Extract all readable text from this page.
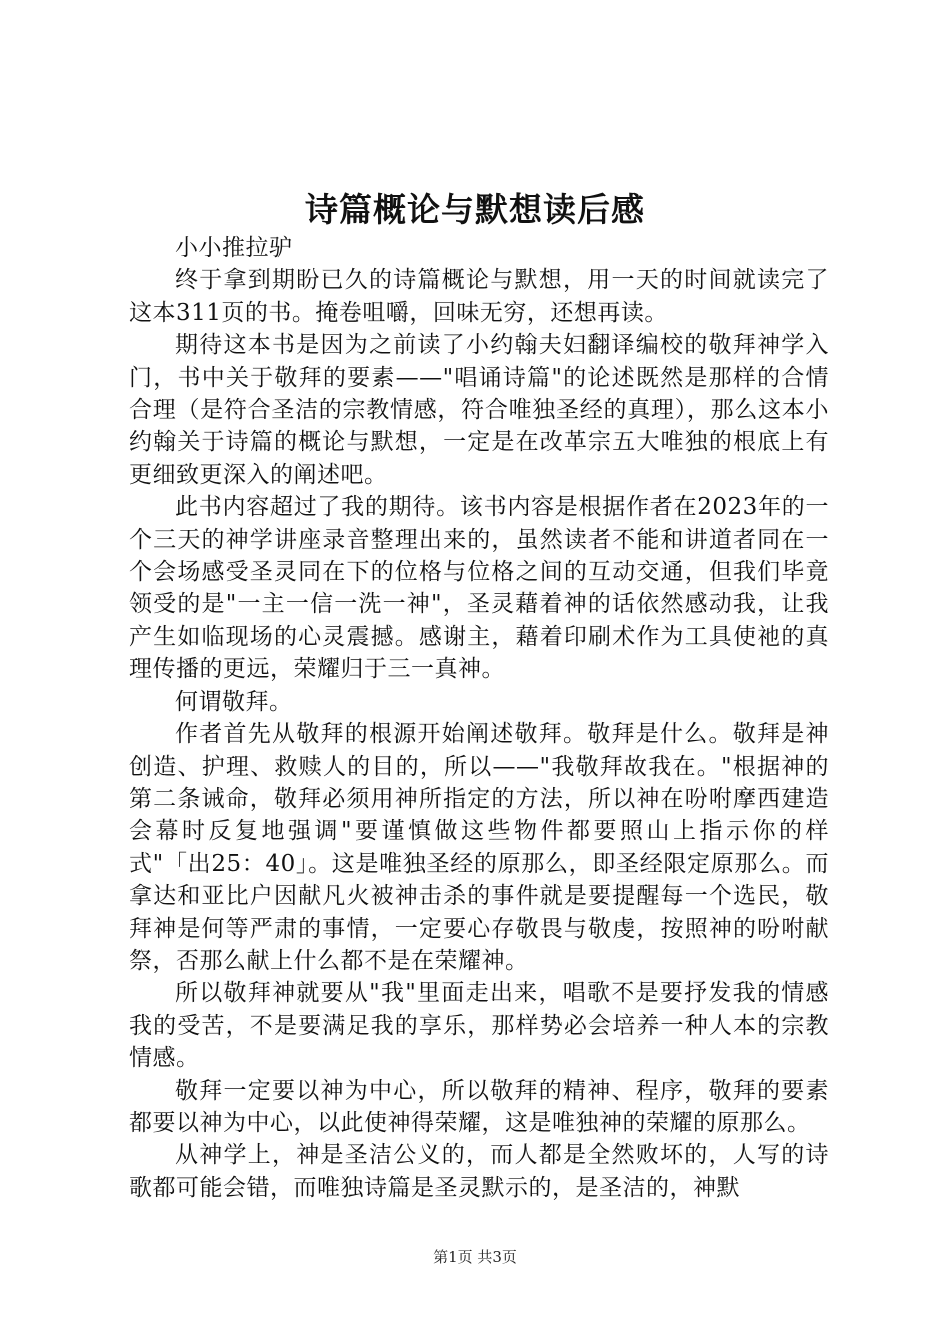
诗篇概论与默想读后感

小小推拉驴

终于拿到期盼已久的诗篇概论与默想，用一天的时间就读完了这本311页的书。掩卷咀嚼，回味无穷，还想再读。

期待这本书是因为之前读了小约翰夫妇翻译编校的敬拜神学入门，书中关于敬拜的要素——"唱诵诗篇"的论述既然是那样的合情合理（是符合圣洁的宗教情感，符合唯独圣经的真理），那么这本小约翰关于诗篇的概论与默想，一定是在改革宗五大唯独的根底上有更细致更深入的阐述吧。

此书内容超过了我的期待。该书内容是根据作者在2023年的一个三天的神学讲座录音整理出来的，虽然读者不能和讲道者同在一个会场感受圣灵同在下的位格与位格之间的互动交通，但我们毕竟领受的是"一主一信一洗一神"，圣灵藉着神的话依然感动我，让我产生如临现场的心灵震撼。感谢主，藉着印刷术作为工具使祂的真理传播的更远，荣耀归于三一真神。

何谓敬拜。

作者首先从敬拜的根源开始阐述敬拜。敬拜是什么。敬拜是神创造、护理、救赎人的目的，所以——"我敬拜故我在。"根据神的第二条诫命，敬拜必须用神所指定的方法，所以神在吩咐摩西建造会幕时反复地强调"要谨慎做这些物件都要照山上指示你的样式"「出25：40」。这是唯独圣经的原那么，即圣经限定原那么。而拿达和亚比户因献凡火被神击杀的事件就是要提醒每一个选民，敬拜神是何等严肃的事情，一定要心存敬畏与敬虔，按照神的吩咐献祭，否那么献上什么都不是在荣耀神。

所以敬拜神就要从"我"里面走出来，唱歌不是要抒发我的情感我的受苦，不是要满足我的享乐，那样势必会培养一种人本的宗教情感。

敬拜一定要以神为中心，所以敬拜的精神、程序，敬拜的要素都要以神为中心，以此使神得荣耀，这是唯独神的荣耀的原那么。

从神学上，神是圣洁公义的，而人都是全然败坏的，人写的诗歌都可能会错，而唯独诗篇是圣灵默示的，是圣洁的，神默

第1页 共3页
